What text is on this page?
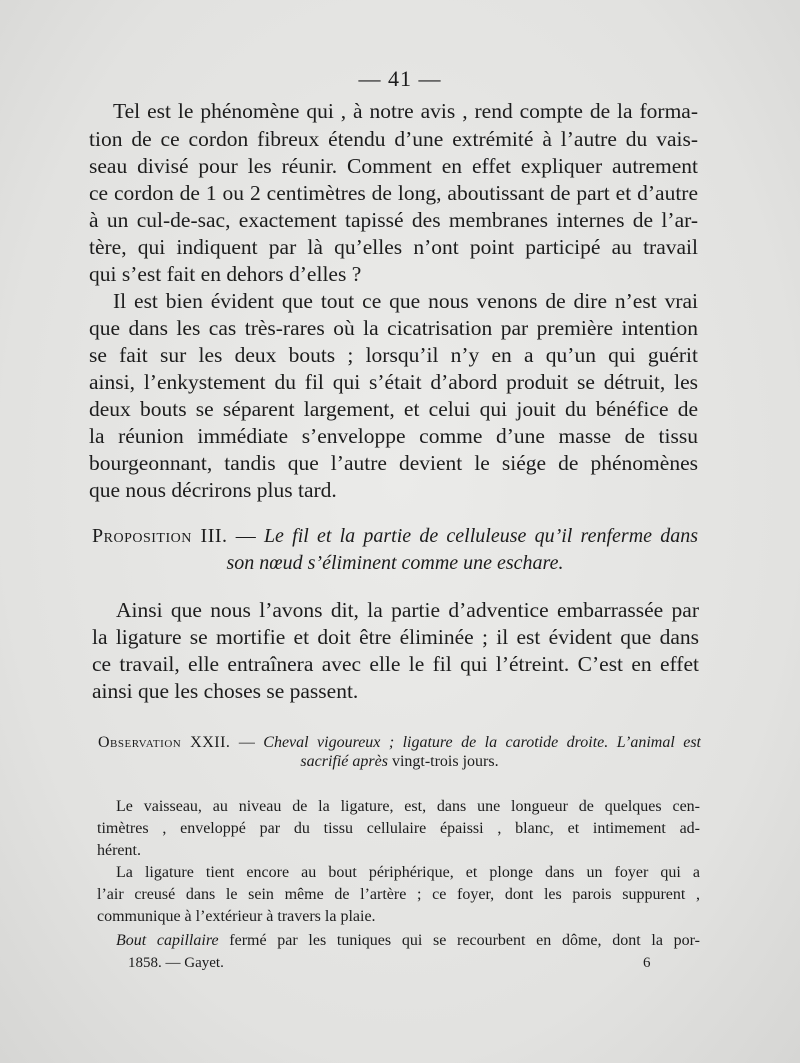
— 41 —
Tel est le phénomène qui , à notre avis , rend compte de la forma-
tion de ce cordon fibreux étendu d’une extrémité à l’autre du vais-
seau divisé pour les réunir. Comment en effet expliquer autrement
ce cordon de 1 ou 2 centimètres de long, aboutissant de part et d’autre
à un cul-de-sac, exactement tapissé des membranes internes de l’ar-
tère, qui indiquent par là qu’elles n’ont point participé au travail
qui s’est fait en dehors d’elles ?
Il est bien évident que tout ce que nous venons de dire n’est vrai
que dans les cas très-rares où la cicatrisation par première intention
se fait sur les deux bouts ; lorsqu’il n’y en a qu’un qui guérit
ainsi, l’enkystement du fil qui s’était d’abord produit se détruit, les
deux bouts se séparent largement, et celui qui jouit du bénéfice de
la réunion immédiate s’enveloppe comme d’une masse de tissu
bourgeonnant, tandis que l’autre devient le siége de phénomènes
que nous décrirons plus tard.
Proposition III. — Le fil et la partie de celluleuse qu’il renferme dans
son nœud s’éliminent comme une eschare.
Ainsi que nous l’avons dit, la partie d’adventice embarrassée par
la ligature se mortifie et doit être éliminée ; il est évident que dans
ce travail, elle entraînera avec elle le fil qui l’étreint. C’est en effet
ainsi que les choses se passent.
Observation XXII. — Cheval vigoureux ; ligature de la carotide droite. L’animal est
sacrifié après vingt-trois jours.
Le vaisseau, au niveau de la ligature, est, dans une longueur de quelques cen-
timètres , enveloppé par du tissu cellulaire épaissi , blanc, et intimement ad-
hérent.
La ligature tient encore au bout périphérique, et plonge dans un foyer qui a
l’air creusé dans le sein même de l’artère ; ce foyer, dont les parois suppurent ,
communique à l’extérieur à travers la plaie.
Bout capillaire fermé par les tuniques qui se recourbent en dôme, dont la por-
1858. — Gayet.	6
